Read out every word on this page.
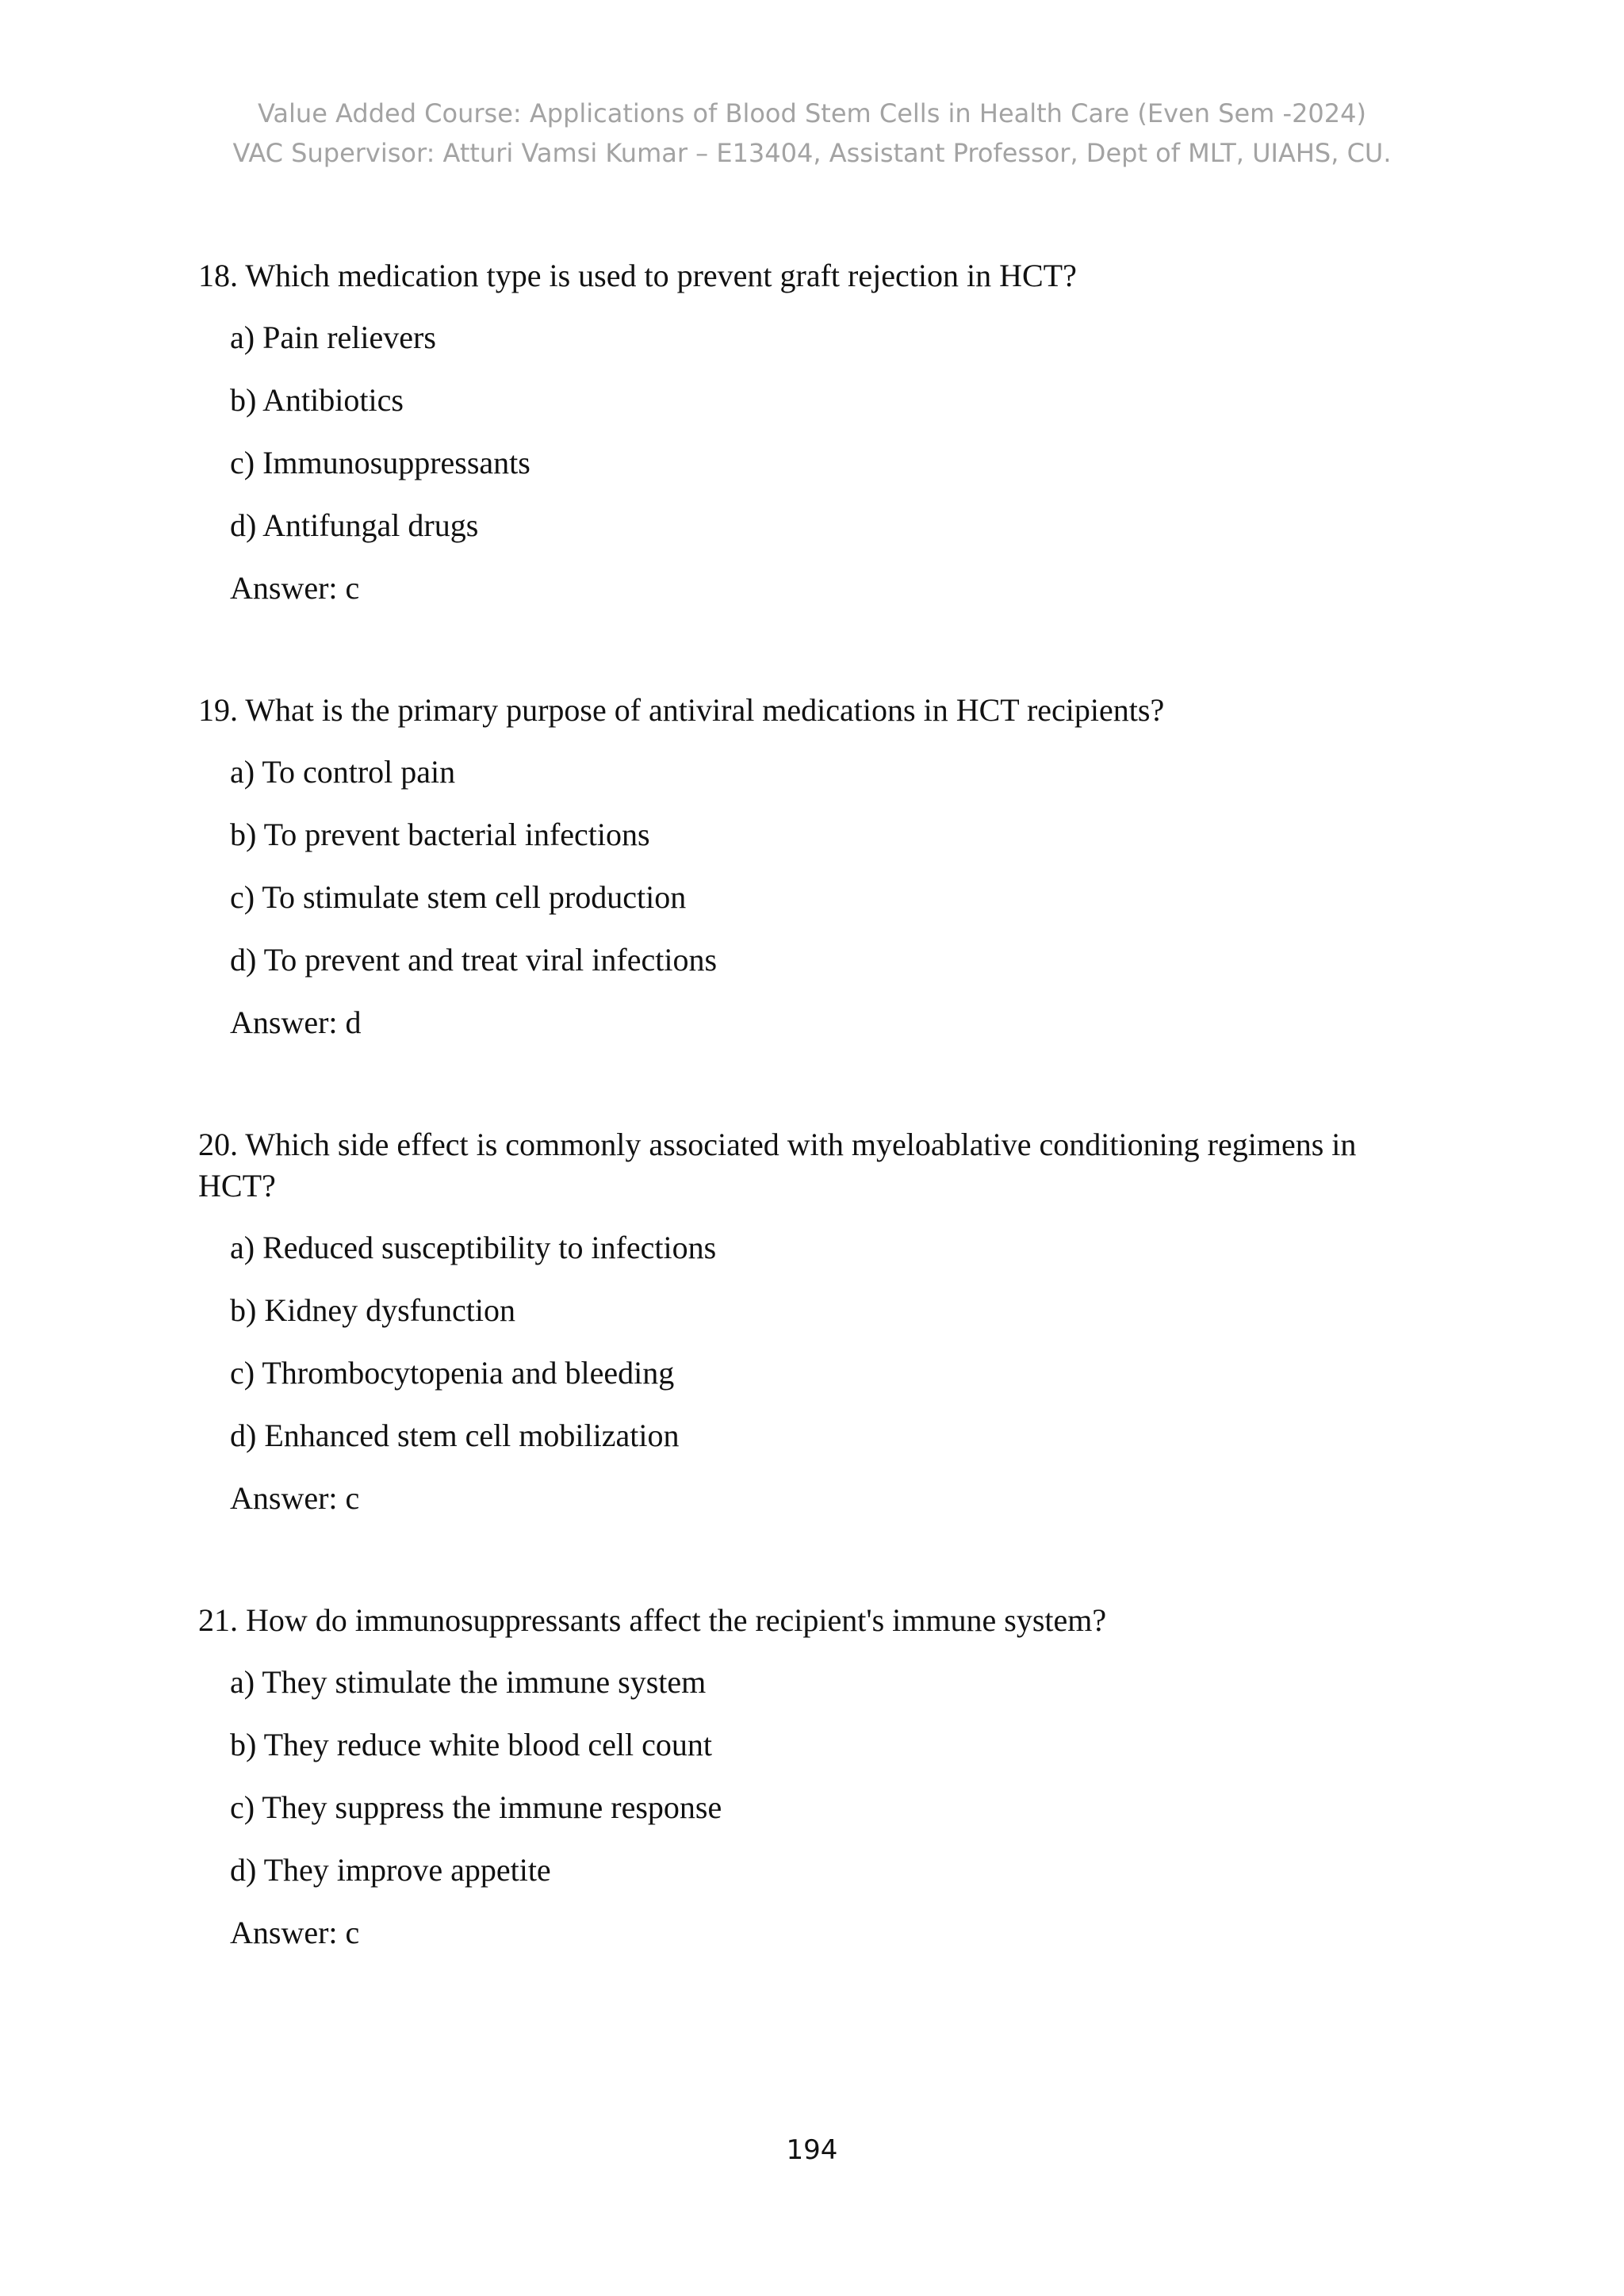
Value Added Course: Applications of Blood Stem Cells in Health Care (Even Sem -2024)
VAC Supervisor: Atturi Vamsi Kumar – E13404, Assistant Professor, Dept of MLT, UIAHS, CU.
18. Which medication type is used to prevent graft rejection in HCT?
a) Pain relievers
b) Antibiotics
c) Immunosuppressants
d) Antifungal drugs
Answer: c
19. What is the primary purpose of antiviral medications in HCT recipients?
a) To control pain
b) To prevent bacterial infections
c) To stimulate stem cell production
d) To prevent and treat viral infections
Answer: d
20. Which side effect is commonly associated with myeloablative conditioning regimens in HCT?
a) Reduced susceptibility to infections
b) Kidney dysfunction
c) Thrombocytopenia and bleeding
d) Enhanced stem cell mobilization
Answer: c
21. How do immunosuppressants affect the recipient's immune system?
a) They stimulate the immune system
b) They reduce white blood cell count
c) They suppress the immune response
d) They improve appetite
Answer: c
194
